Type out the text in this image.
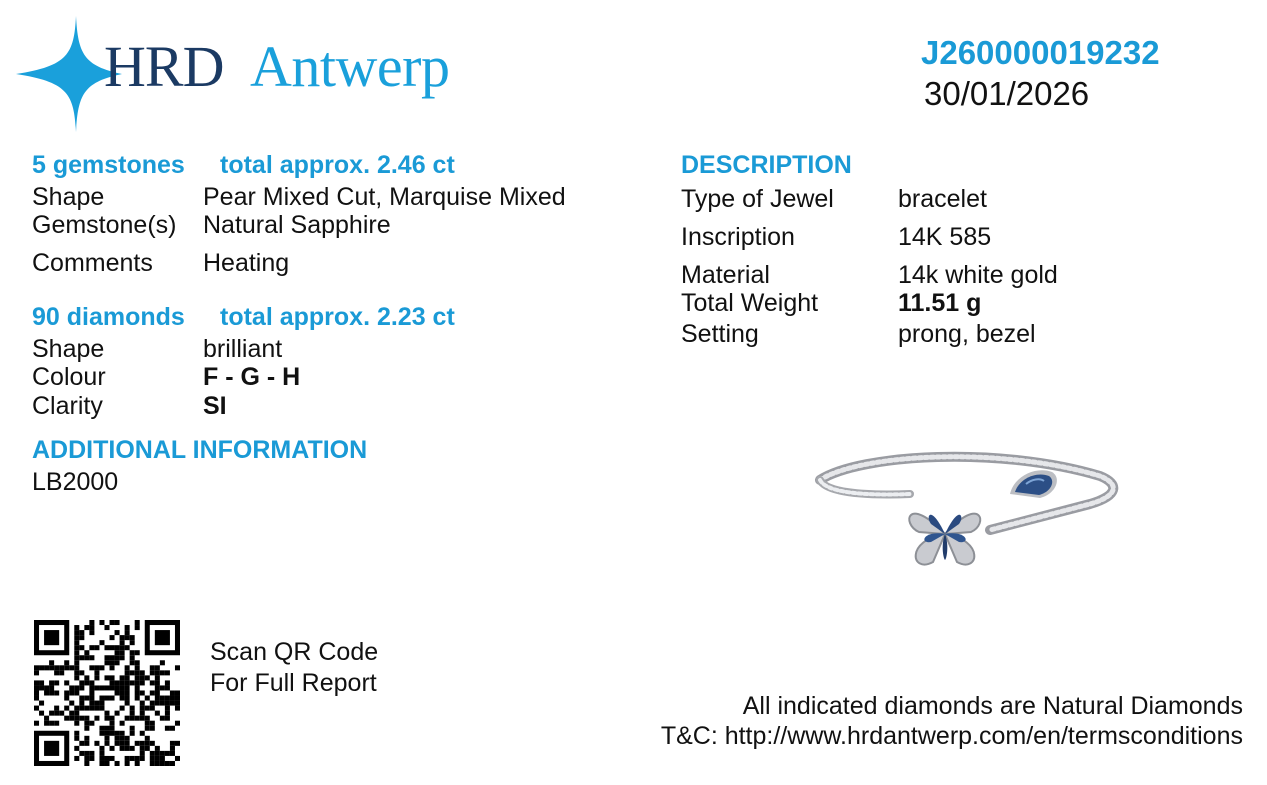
HRD Antwerp	J260000019232
30/01/2026
5 gemstones total approx. 2.46 ct
Shape	Pear Mixed Cut, Marquise Mixed
Gemstone(s) Natural Sapphire
Comments Heating
90 diamonds total approx. 2.23 ct
Shape	brilliant
Colour	F - G - H
Clarity	SI
ADDITIONAL INFORMATION
LB2000
DESCRIPTION
Type of Jewel	bracelet
Inscription	14K 585
Material	14k white gold
Total Weight	11.51 g
Setting	prong, bezel
Scan QR Code
For Full Report
All indicated diamonds are Natural Diamonds
T&C: http://www.hrdantwerp.com/en/termsconditions
